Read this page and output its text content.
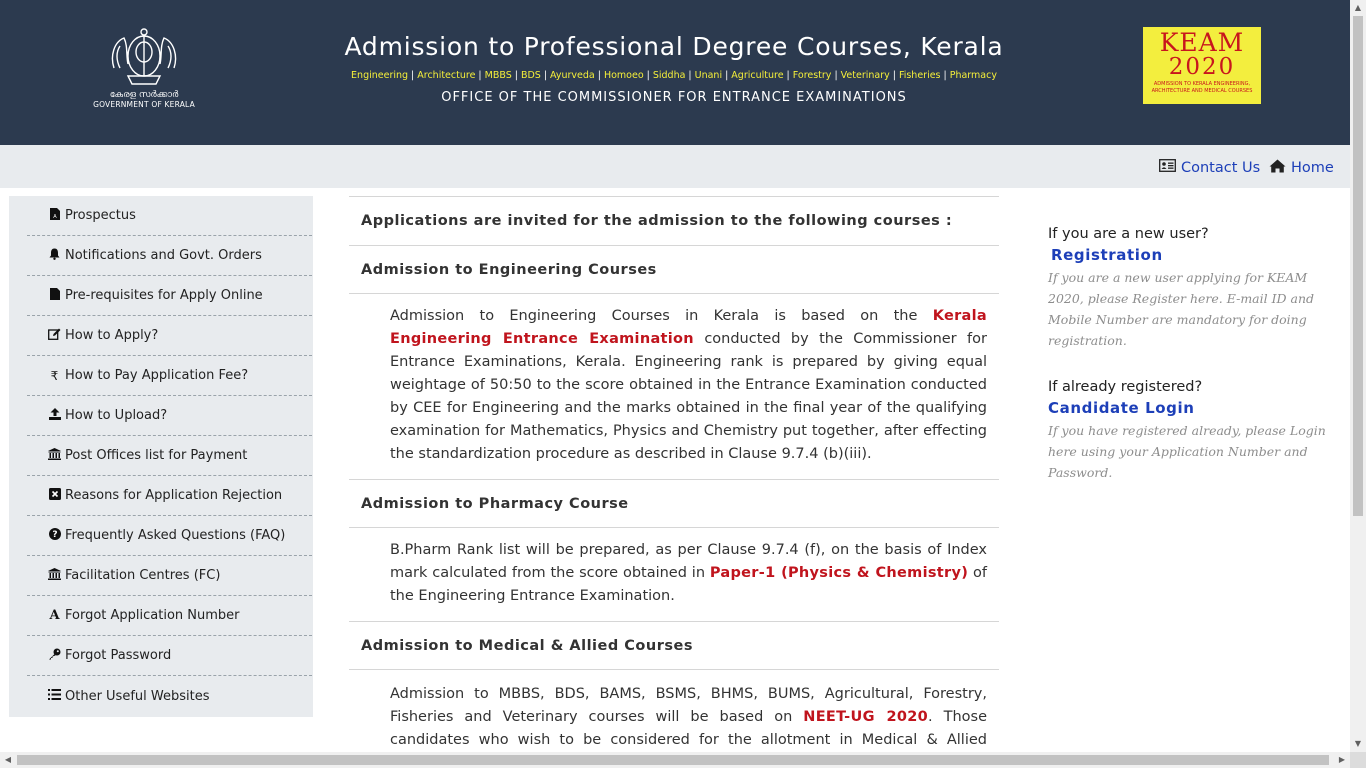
കേരള സർക്കാർ
GOVERNMENT OF KERALA
Admission to Professional Degree Courses, Kerala
Engineering | Architecture | MBBS | BDS | Ayurveda | Homoeo | Siddha | Unani | Agriculture | Forestry | Veterinary | Fisheries | Pharmacy
OFFICE OF THE COMMISSIONER FOR ENTRANCE EXAMINATIONS
KEAM
2020
ADMISSION TO KERALA ENGINEERING, ARCHITECTURE AND MEDICAL COURSES
Contact Us Home
A Prospectus
Notifications and Govt. Orders
Pre-requisites for Apply Online
How to Apply?
₹ How to Pay Application Fee?
How to Upload?
Post Offices list for Payment
Reasons for Application Rejection
? Frequently Asked Questions (FAQ)
Facilitation Centres (FC)
A Forgot Application Number
Forgot Password
Other Useful Websites
Applications are invited for the admission to the following courses :
Admission to Engineering Courses

Admission to Engineering Courses in Kerala is based on the Kerala Engineering Entrance Examination conducted by the Commissioner for Entrance Examinations, Kerala. Engineering rank is prepared by giving equal weightage of 50:50 to the score obtained in the Entrance Examination conducted by CEE for Engineering and the marks obtained in the final year of the qualifying examination for Mathematics, Physics and Chemistry put together, after effecting the standardization procedure as described in Clause 9.7.4 (b)(iii).

Admission to Pharmacy Course

B.Pharm Rank list will be prepared, as per Clause 9.7.4 (f), on the basis of Index mark calculated from the score obtained in Paper-1 (Physics & Chemistry) of the Engineering Entrance Examination.

Admission to Medical & Allied Courses

Admission to MBBS, BDS, BAMS, BSMS, BHMS, BUMS, Agricultural, Forestry, Fisheries and Veterinary courses will be based on NEET-UG 2020. Those candidates who wish to be considered for the allotment in Medical & Allied

If you are a new user?
Registration
If you are a new user applying for KEAM 2020, please Register here. E-mail ID and Mobile Number are mandatory for doing registration.
If already registered?
Candidate Login
If you have registered already, please Login here using your Application Number and Password.
▲
▼
◀	▶
